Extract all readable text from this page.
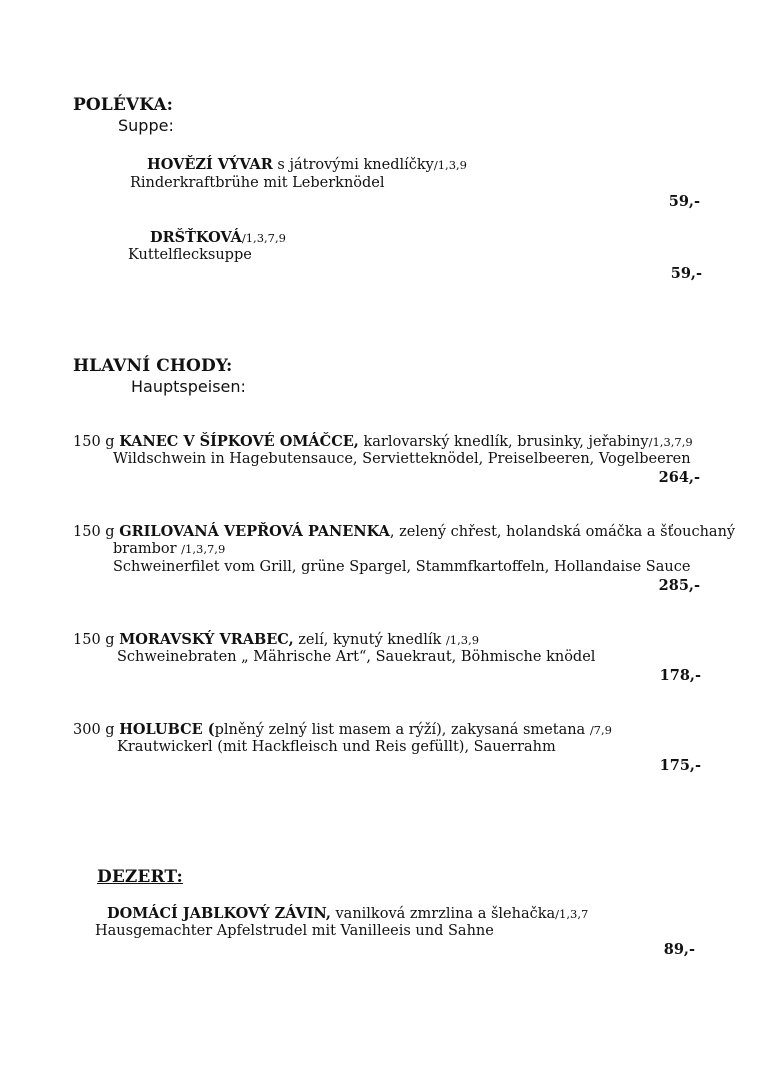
POLÉVKA:
Suppe:
HOVĚZÍ VÝVAR s játrovými knedlíčky/1,3,9
Rinderkraftbrühe mit Leberknödel
59,-
DRŠŤKOVÁ/1,3,7,9
Kuttelflecksuppe
59,-
HLAVNÍ CHODY:
Hauptspeisen:
150 g KANEC V ŠÍPKOVÉ OMÁČCE, karlovarský knedlík, brusinky, jeřabiny/1,3,7,9
Wildschwein in Hagebutensauce, Servietteknödel, Preiselbeeren, Vogelbeeren
264,-
150 g GRILOVANÁ VEPŘOVÁ PANENKA, zelený chřest, holandská omáčka a šťouchaný
brambor /1,3,7,9
Schweinerfilet vom Grill, grüne Spargel, Stammfkartoffeln, Hollandaise Sauce
285,-
150 g MORAVSKÝ VRABEC, zelí, kynutý knedlík /1,3,9
Schweinebraten „ Mährische Art“, Sauekraut, Böhmische knödel
178,-
300 g HOLUBCE (plněný zelný list masem a rýží), zakysaná smetana /7,9
Krautwickerl (mit Hackfleisch und Reis gefüllt), Sauerrahm
175,-
DEZERT:
DOMÁCÍ JABLKOVÝ ZÁVIN, vanilková zmrzlina a šlehačka/1,3,7
Hausgemachter Apfelstrudel mit Vanilleeis und Sahne
89,-
